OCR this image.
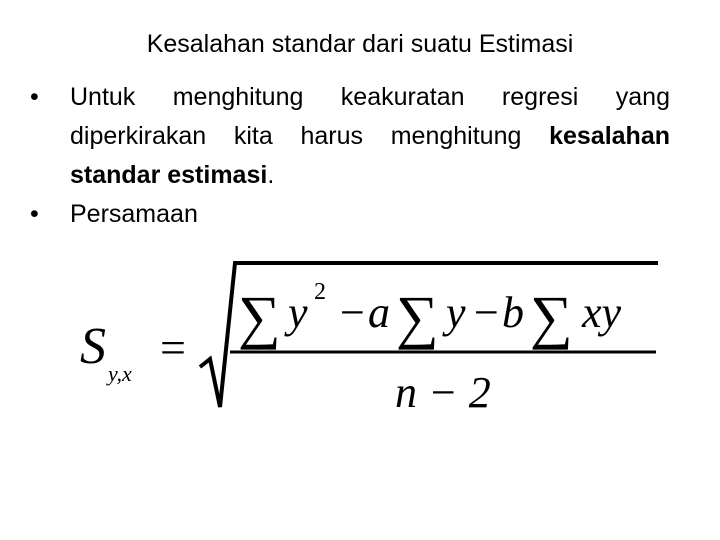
Kesalahan standar dari suatu Estimasi
•	Untuk menghitung keakuratan regresi yang diperkirakan kita harus menghitung kesalahan standar estimasi.
•	Persamaan
S y,x
= ∑ y 2 − a ∑ y − b ∑ xy
n − 2
